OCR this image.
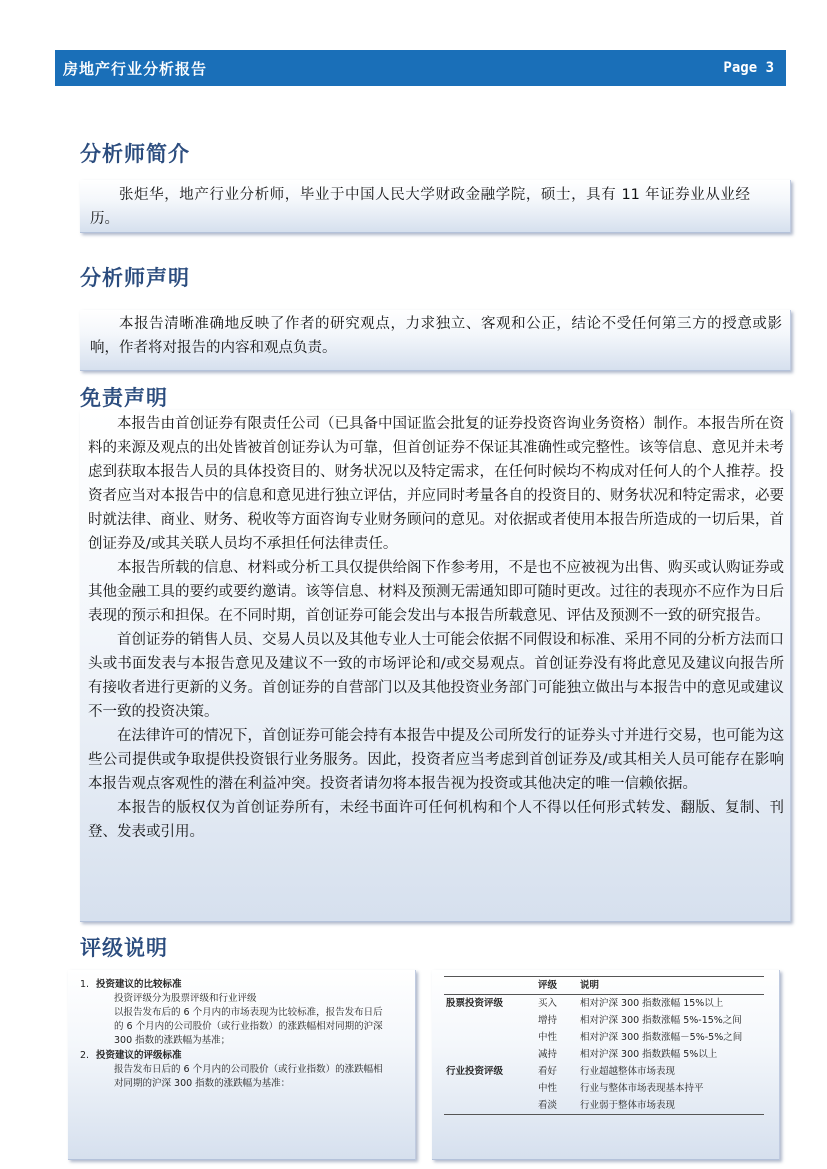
房地产行业分析报告	Page 3
分析师简介

张炬华，地产行业分析师，毕业于中国人民大学财政金融学院，硕士，具有 11 年证券业从业经历。

分析师声明

本报告清晰准确地反映了作者的研究观点，力求独立、客观和公正，结论不受任何第三方的授意或影响，作者将对报告的内容和观点负责。

免责声明

本报告由首创证券有限责任公司（已具备中国证监会批复的证券投资咨询业务资格）制作。本报告所在资料的来源及观点的出处皆被首创证券认为可靠，但首创证券不保证其准确性或完整性。该等信息、意见并未考虑到获取本报告人员的具体投资目的、财务状况以及特定需求，在任何时候均不构成对任何人的个人推荐。投资者应当对本报告中的信息和意见进行独立评估，并应同时考量各自的投资目的、财务状况和特定需求，必要时就法律、商业、财务、税收等方面咨询专业财务顾问的意见。对依据或者使用本报告所造成的一切后果，首创证券及/或其关联人员均不承担任何法律责任。

本报告所载的信息、材料或分析工具仅提供给阁下作参考用，不是也不应被视为出售、购买或认购证券或其他金融工具的要约或要约邀请。该等信息、材料及预测无需通知即可随时更改。过往的表现亦不应作为日后表现的预示和担保。在不同时期，首创证券可能会发出与本报告所载意见、评估及预测不一致的研究报告。

首创证券的销售人员、交易人员以及其他专业人士可能会依据不同假设和标准、采用不同的分析方法而口头或书面发表与本报告意见及建议不一致的市场评论和/或交易观点。首创证券没有将此意见及建议向报告所有接收者进行更新的义务。首创证券的自营部门以及其他投资业务部门可能独立做出与本报告中的意见或建议不一致的投资决策。

在法律许可的情况下，首创证券可能会持有本报告中提及公司所发行的证券头寸并进行交易，也可能为这些公司提供或争取提供投资银行业务服务。因此，投资者应当考虑到首创证券及/或其相关人员可能存在影响本报告观点客观性的潜在利益冲突。投资者请勿将本报告视为投资或其他决定的唯一信赖依据。

本报告的版权仅为首创证券所有，未经书面许可任何机构和个人不得以任何形式转发、翻版、复制、刊登、发表或引用。

评级说明
1. 投资建议的比较标准
投资评级分为股票评级和行业评级
以报告发布后的 6 个月内的市场表现为比较标准，报告发布日后的 6 个月内的公司股价（或行业指数）的涨跌幅相对同期的沪深 300 指数的涨跌幅为基准；
2. 投资建议的评级标准
报告发布日后的 6 个月内的公司股价（或行业指数）的涨跌幅相对同期的沪深 300 指数的涨跌幅为基准：
	评级	说明
股票投资评级	买入	相对沪深 300 指数涨幅 15%以上
	增持	相对沪深 300 指数涨幅 5%-15%之间
	中性	相对沪深 300 指数涨幅－5%-5%之间
	减持	相对沪深 300 指数跌幅 5%以上
行业投资评级	看好	行业超越整体市场表现
	中性	行业与整体市场表现基本持平
	看淡	行业弱于整体市场表现
